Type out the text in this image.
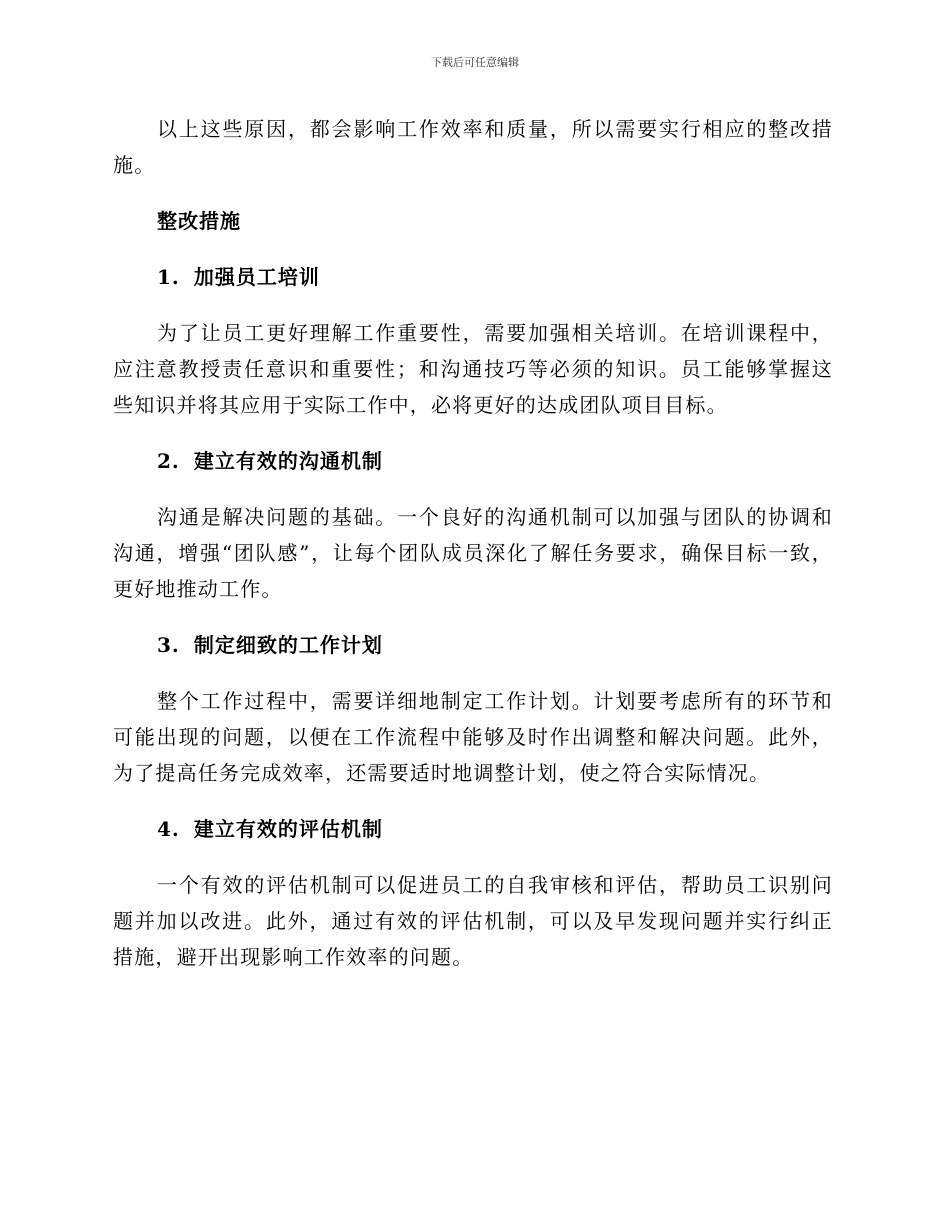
下载后可任意编辑

以上这些原因，都会影响工作效率和质量，所以需要实行相应的整改措施。

整改措施
1. 加强员工培训

为了让员工更好理解工作重要性，需要加强相关培训。在培训课程中，应注意教授责任意识和重要性；和沟通技巧等必须的知识。员工能够掌握这些知识并将其应用于实际工作中，必将更好的达成团队项目目标。

2. 建立有效的沟通机制

沟通是解决问题的基础。一个良好的沟通机制可以加强与团队的协调和沟通，增强“团队感”，让每个团队成员深化了解任务要求，确保目标一致，更好地推动工作。

3. 制定细致的工作计划

整个工作过程中，需要详细地制定工作计划。计划要考虑所有的环节和可能出现的问题，以便在工作流程中能够及时作出调整和解决问题。此外，为了提高任务完成效率，还需要适时地调整计划，使之符合实际情况。

4. 建立有效的评估机制

一个有效的评估机制可以促进员工的自我审核和评估，帮助员工识别问题并加以改进。此外，通过有效的评估机制，可以及早发现问题并实行纠正措施，避开出现影响工作效率的问题。
